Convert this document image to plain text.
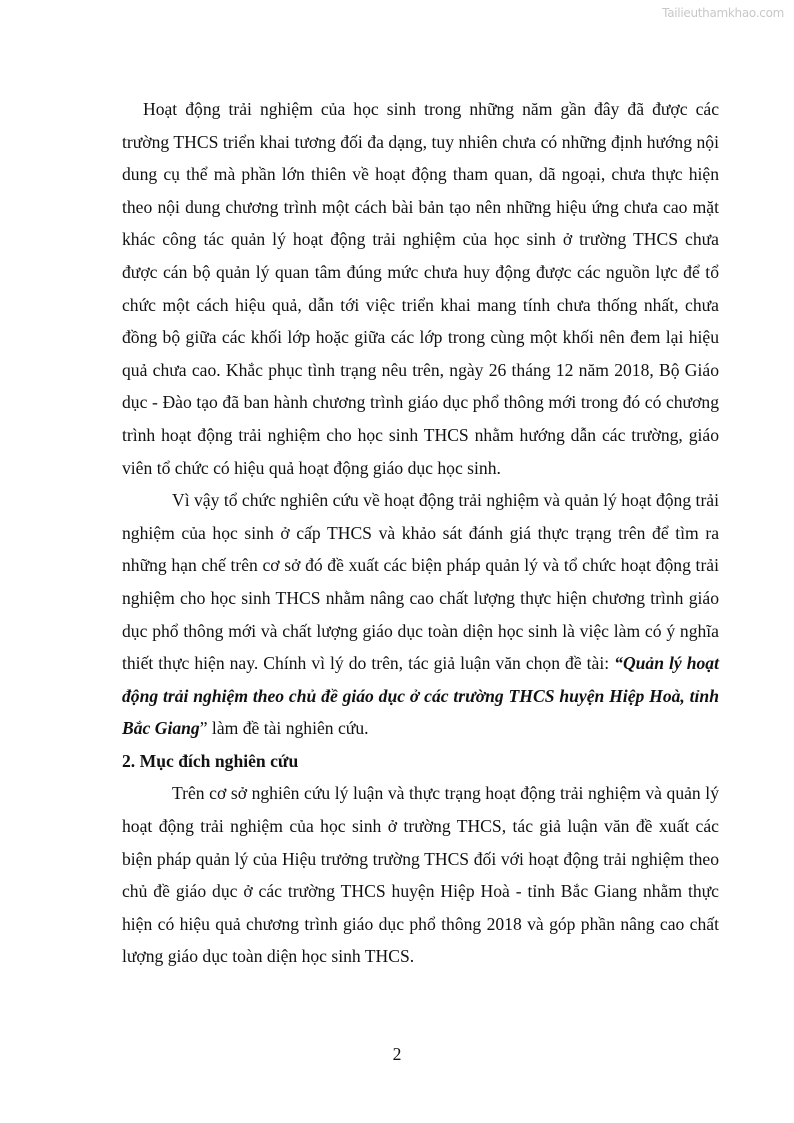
Tailieuthamkhao.com

Hoạt động trải nghiệm của học sinh trong những năm gần đây đã được các trường THCS triển khai tương đối đa dạng, tuy nhiên chưa có những định hướng nội dung cụ thể mà phần lớn thiên về hoạt động tham quan, dã ngoại, chưa thực hiện theo nội dung chương trình một cách bài bản tạo nên những hiệu ứng chưa cao mặt khác công tác quản lý hoạt động trải nghiệm của học sinh ở trường THCS chưa được cán bộ quản lý quan tâm đúng mức chưa huy động được các nguồn lực để tổ chức một cách hiệu quả, dẫn tới việc triển khai mang tính chưa thống nhất, chưa đồng bộ giữa các khối lớp hoặc giữa các lớp trong cùng một khối nên đem lại hiệu quả chưa cao. Khắc phục tình trạng nêu trên, ngày 26 tháng 12 năm 2018, Bộ Giáo dục - Đào tạo đã ban hành chương trình giáo dục phổ thông mới trong đó có chương trình hoạt động trải nghiệm cho học sinh THCS nhằm hướng dẫn các trường, giáo viên tổ chức có hiệu quả hoạt động giáo dục học sinh.

Vì vậy tổ chức nghiên cứu về hoạt động trải nghiệm và quản lý hoạt động trải nghiệm của học sinh ở cấp THCS và khảo sát đánh giá thực trạng trên để tìm ra những hạn chế trên cơ sở đó đề xuất các biện pháp quản lý và tổ chức hoạt động trải nghiệm cho học sinh THCS nhằm nâng cao chất lượng thực hiện chương trình giáo dục phổ thông mới và chất lượng giáo dục toàn diện học sinh là việc làm có ý nghĩa thiết thực hiện nay. Chính vì lý do trên, tác giả luận văn chọn đề tài: “Quản lý hoạt động trải nghiệm theo chủ đề giáo dục ở các trường THCS huyện Hiệp Hoà, tỉnh Bắc Giang” làm đề tài nghiên cứu.

2. Mục đích nghiên cứu

Trên cơ sở nghiên cứu lý luận và thực trạng hoạt động trải nghiệm và quản lý hoạt động trải nghiệm của học sinh ở trường THCS, tác giả luận văn đề xuất các biện pháp quản lý của Hiệu trưởng trường THCS đối với hoạt động trải nghiệm theo chủ đề giáo dục ở các trường THCS huyện Hiệp Hoà - tỉnh Bắc Giang nhằm thực hiện có hiệu quả chương trình giáo dục phổ thông 2018 và góp phần nâng cao chất lượng giáo dục toàn diện học sinh THCS.

2
